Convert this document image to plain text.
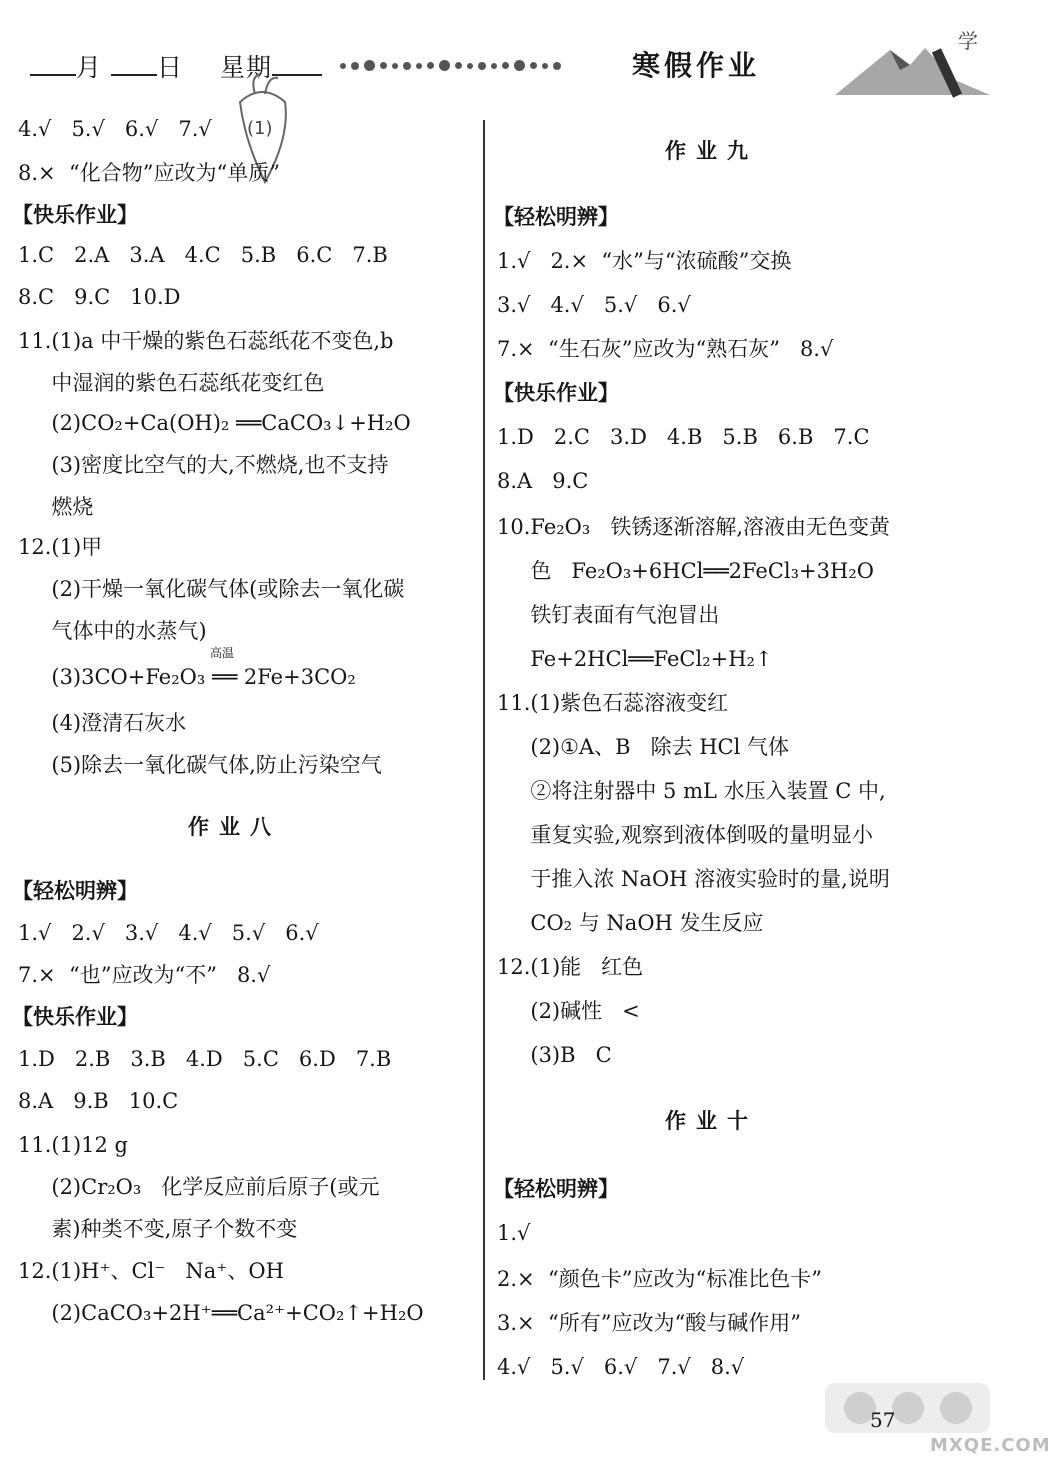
月 日 星期	寒假作业
学
(1)
4.√   5.√   6.√   7.√
8.×  “化合物”应改为“单质”
【快乐作业】
1.C   2.A   3.A   4.C   5.B   6.C   7.B
8.C   9.C   10.D
11.(1)a 中干燥的紫色石蕊纸花不变色,b
中湿润的紫色石蕊纸花变红色
(2)CO₂+Ca(OH)₂ ══CaCO₃↓+H₂O
(3)密度比空气的大,不燃烧,也不支持
燃烧
12.(1)甲
(2)干燥一氧化碳气体(或除去一氧化碳
气体中的水蒸气)
(3)3CO+Fe₂O₃ ══ 2Fe+3CO₂
高温
(4)澄清石灰水
(5)除去一氧化碳气体,防止污染空气
作业八
【轻松明辨】
1.√   2.√   3.√   4.√   5.√   6.√
7.×  “也”应改为“不”   8.√
【快乐作业】
1.D   2.B   3.B   4.D   5.C   6.D   7.B
8.A   9.B   10.C
11.(1)12 g
(2)Cr₂O₃   化学反应前后原子(或元
素)种类不变,原子个数不变
12.(1)H⁺、Cl⁻   Na⁺、OH
(2)CaCO₃+2H⁺══Ca²⁺+CO₂↑+H₂O
作业九
【轻松明辨】
1.√   2.×  “水”与“浓硫酸”交换
3.√   4.√   5.√   6.√
7.×  “生石灰”应改为“熟石灰”   8.√
【快乐作业】
1.D   2.C   3.D   4.B   5.B   6.B   7.C
8.A   9.C
10.Fe₂O₃   铁锈逐渐溶解,溶液由无色变黄
色   Fe₂O₃+6HCl══2FeCl₃+3H₂O
铁钉表面有气泡冒出
Fe+2HCl══FeCl₂+H₂↑
11.(1)紫色石蕊溶液变红
(2)①A、B   除去 HCl 气体
②将注射器中 5 mL 水压入装置 C 中,
重复实验,观察到液体倒吸的量明显小
于推入浓 NaOH 溶液实验时的量,说明
CO₂ 与 NaOH 发生反应
12.(1)能   红色
(2)碱性   <
(3)B   C
作业十
【轻松明辨】
1.√
2.×  “颜色卡”应改为“标准比色卡”
3.×  “所有”应改为“酸与碱作用”
4.√   5.√   6.√   7.√   8.√
57
MXQE.COM
